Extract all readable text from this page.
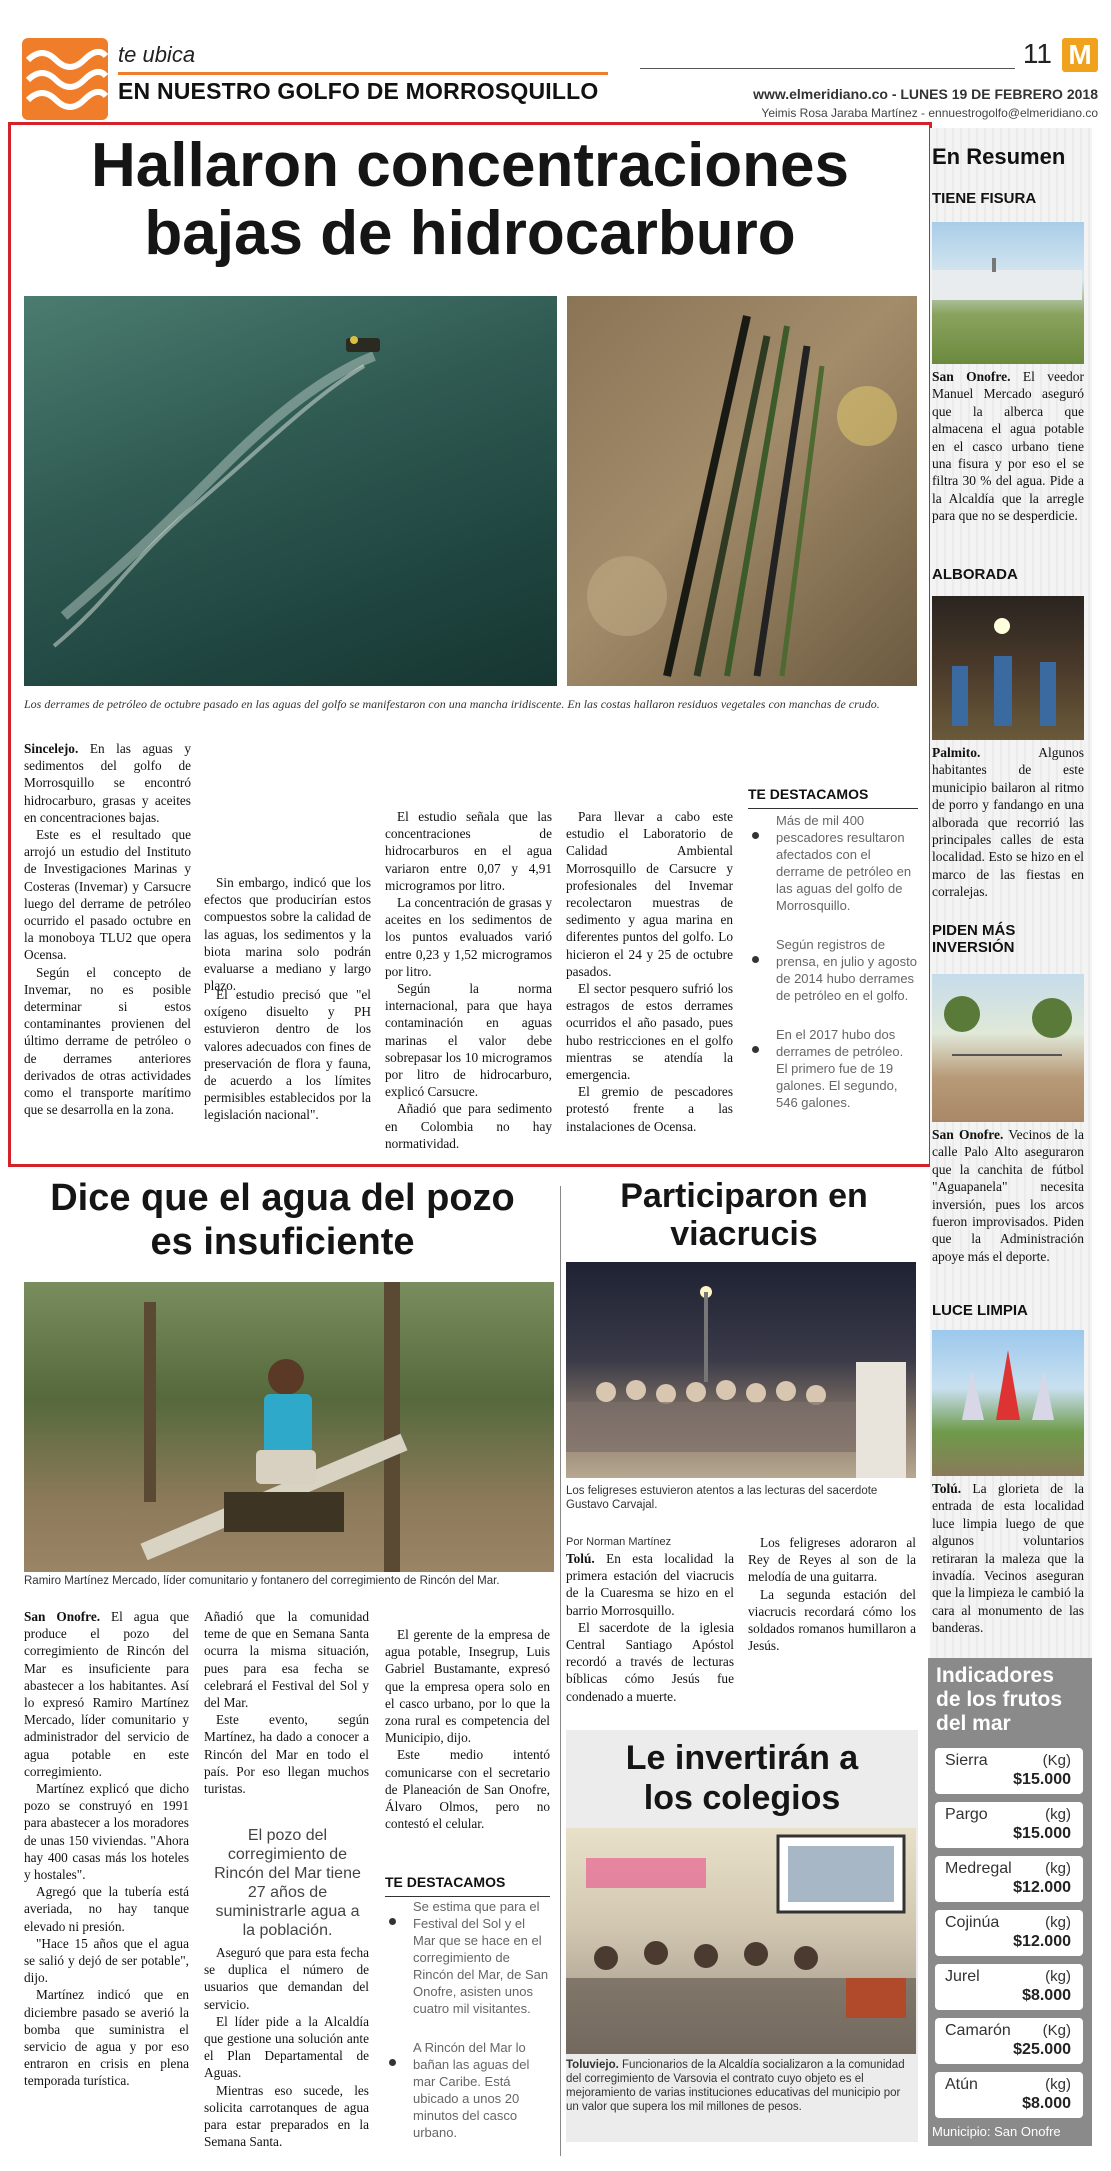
te ubica
EN NUESTRO GOLFO DE MORROSQUILLO
11 M
www.elmeridiano.co - LUNES 19 DE FEBRERO 2018
Yeimis Rosa Jaraba Martínez - ennuestrogolfo@elmeridiano.co
Hallaron concentraciones
bajas de hidrocarburo
Los derrames de petróleo de octubre pasado en las aguas del golfo se manifestaron con una mancha iridiscente. En las costas hallaron residuos vegetales con manchas de crudo.

Sincelejo. En las aguas y sedimentos del golfo de Morrosquillo se encontró hidrocarburo, grasas y aceites en concentraciones bajas.

Este es el resultado que arrojó un estudio del Instituto de Investigaciones Marinas y Costeras (Invemar) y Carsucre luego del derrame de petróleo ocurrido el pasado octubre en la monoboya TLU2 que opera Ocensa.

Según el concepto de Invemar, no es posible determinar si estos contaminantes provienen del último derrame de petróleo o de derrames anteriores derivados de otras actividades como el transporte marítimo que se desarrolla en la zona.

Sin embargo, indicó que los efectos que producirían estos compuestos sobre la calidad de las aguas, los sedimentos y la biota marina solo podrán evaluarse a mediano y largo plazo.

El estudio precisó que "el oxígeno disuelto y PH estuvieron dentro de los valores adecuados con fines de preservación de flora y fauna, de acuerdo a los límites permisibles establecidos por la legislación nacional".

El estudio señala que las concentraciones de hidrocarburos en el agua variaron entre 0,07 y 4,91 microgramos por litro.

La concentración de grasas y aceites en los sedimentos de los puntos evaluados varió entre 0,23 y 1,52 microgramos por litro.

Según la norma internacional, para que haya contaminación en aguas marinas el valor debe sobrepasar los 10 microgramos por litro de hidrocarburo, explicó Carsucre.

Añadió que para sedimento en Colombia no hay normatividad.

Para llevar a cabo este estudio el Laboratorio de Calidad Ambiental Morrosquillo de Carsucre y profesionales del Invemar recolectaron muestras de sedimento y agua marina en diferentes puntos del golfo. Lo hicieron el 24 y 25 de octubre pasados.

El sector pesquero sufrió los estragos de estos derrames ocurridos el año pasado, pues hubo restricciones en el golfo mientras se atendía la emergencia.

El gremio de pescadores protestó frente a las instalaciones de Ocensa.

TE DESTACAMOS
Más de mil 400 pescadores resultaron afectados con el derrame de petróleo en las aguas del golfo de Morrosquillo.
Según registros de prensa, en julio y agosto de 2014 hubo derrames de petróleo en el golfo.
En el 2017 hubo dos derrames de petróleo. El primero fue de 19 galones. El segundo, 546 galones.
Dice que el agua del pozo
es insuficiente
Ramiro Martínez Mercado, líder comunitario y fontanero del corregimiento de Rincón del Mar.

San Onofre. El agua que produce el pozo del corregimiento de Rincón del Mar es insuficiente para abastecer a los habitantes. Así lo expresó Ramiro Martínez Mercado, líder comunitario y administrador del servicio de agua potable en este corregimiento.

Martínez explicó que dicho pozo se construyó en 1991 para abastecer a los moradores de unas 150 viviendas. "Ahora hay 400 casas más los hoteles y hostales".

Agregó que la tubería está averiada, no hay tanque elevado ni presión.

"Hace 15 años que el agua se salió y dejó de ser potable", dijo.

Martínez indicó que en diciembre pasado se averió la bomba que suministra el servicio de agua y por eso entraron en crisis en plena temporada turística.

Añadió que la comunidad teme de que en Semana Santa ocurra la misma situación, pues para esa fecha se celebrará el Festival del Sol y del Mar.

Este evento, según Martínez, ha dado a conocer a Rincón del Mar en todo el país. Por eso llegan muchos turistas.

El pozo del corregimiento de Rincón del Mar tiene 27 años de suministrarle agua a la población.

Aseguró que para esta fecha se duplica el número de usuarios que demandan del servicio.

El líder pide a la Alcaldía que gestione una solución ante el Plan Departamental de Aguas.

Mientras eso sucede, les solicita carrotanques de agua para estar preparados en la Semana Santa.

El gerente de la empresa de agua potable, Insegrup, Luis Gabriel Bustamante, expresó que la empresa opera solo en el casco urbano, por lo que la zona rural es competencia del Municipio, dijo.

Este medio intentó comunicarse con el secretario de Planeación de San Onofre, Álvaro Olmos, pero no contestó el celular.

TE DESTACAMOS
Se estima que para el Festival del Sol y el Mar que se hace en el corregimiento de Rincón del Mar, de San Onofre, asisten unos cuatro mil visitantes.
A Rincón del Mar lo bañan las aguas del mar Caribe. Está ubicado a unos 20 minutos del casco urbano.
Participaron en
viacrucis
Los feligreses estuvieron atentos a las lecturas del sacerdote Gustavo Carvajal.
Por Norman Martínez

Tolú. En esta localidad la primera estación del viacrucis de la Cuaresma se hizo en el barrio Morrosquillo.

El sacerdote de la iglesia Central Santiago Apóstol recordó a través de lecturas bíblicas cómo Jesús fue condenado a muerte.

Los feligreses adoraron al Rey de Reyes al son de la melodía de una guitarra.

La segunda estación del viacrucis recordará cómo los soldados romanos humillaron a Jesús.

Le invertirán a
los colegios
Toluviejo. Funcionarios de la Alcaldía socializaron a la comunidad del corregimiento de Varsovia el contrato cuyo objeto es el mejoramiento de varias instituciones educativas del municipio por un valor que supera los mil millones de pesos.
En Resumen
TIENE FISURA
San Onofre. El veedor Manuel Mercado aseguró que la alberca que almacena el agua potable en el casco urbano tiene una fisura y por eso el se filtra 30 % del agua. Pide a la Alcaldía que la arregle para que no se desperdicie.
ALBORADA
Palmito.	Algunos habitantes de este municipio bailaron al ritmo de porro y fandango en una alborada que recorrió las principales calles de esta localidad. Esto se hizo en el marco de las fiestas en corralejas.
PIDEN MÁS INVERSIÓN
San Onofre. Vecinos de la calle Palo Alto aseguraron que la canchita de fútbol "Aguapanela" necesita inversión, pues los arcos fueron improvisados. Piden que la Administración apoye más el deporte.
LUCE LIMPIA
Tolú. La glorieta de la entrada de esta localidad luce limpia luego de que algunos voluntarios retiraran la maleza que la invadía. Vecinos aseguran que la limpieza le cambió la cara al monumento de las banderas.
Indicadores
de los frutos
del mar
Sierra	(Kg)
$15.000
Pargo	(kg)
$15.000
Medregal (kg)
$12.000
Cojinúa	(kg)
$12.000
Jurel	(kg)
$8.000
Camarón (Kg)
$25.000
Atún	(kg)
$8.000
Municipio: San Onofre
